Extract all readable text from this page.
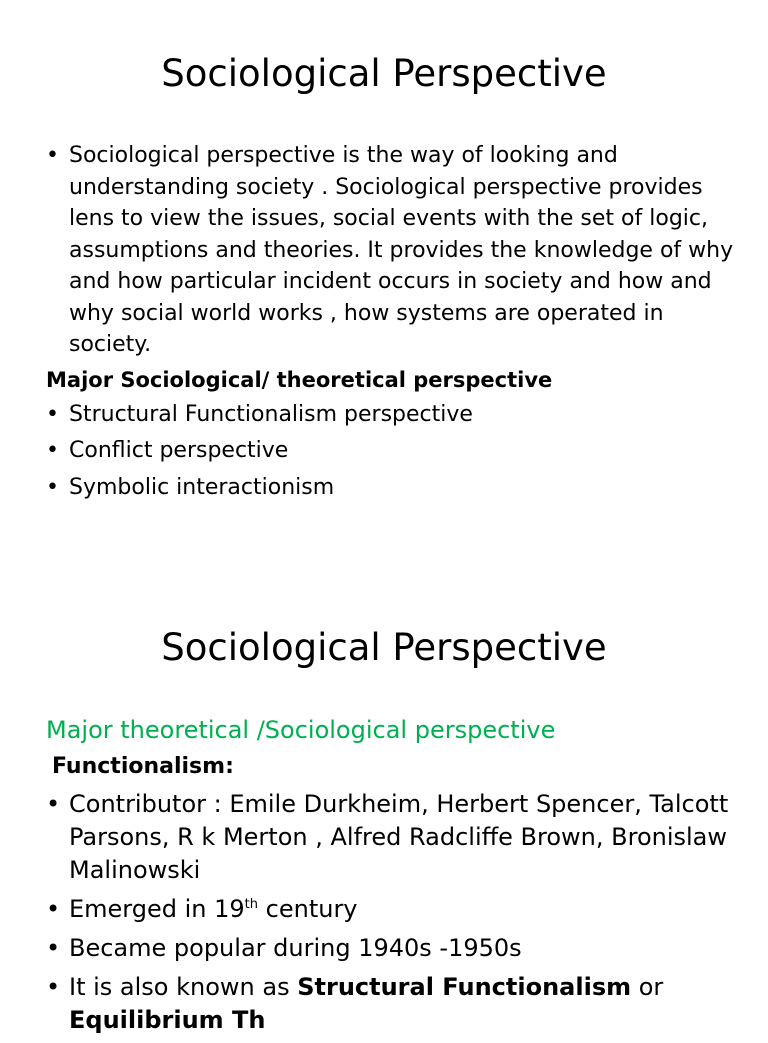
Sociological Perspective
• Sociological perspective is the way of looking and understanding society . Sociological perspective provides lens to view the issues, social events with the set of logic, assumptions and theories. It provides the knowledge of why and how particular incident occurs in society and how and why social world works , how systems are operated in society.
Major Sociological/ theoretical perspective
• Structural Functionalism perspective
• Conflict perspective
• Symbolic interactionism
Sociological Perspective
Major theoretical /Sociological perspective
Functionalism:
• Contributor : Emile Durkheim, Herbert Spencer, Talcott Parsons, R k Merton , Alfred Radcliffe Brown, Bronislaw Malinowski
• Emerged in 19th century
• Became popular during 1940s -1950s
• It is also known as Structural Functionalism or
Equilibrium Th
